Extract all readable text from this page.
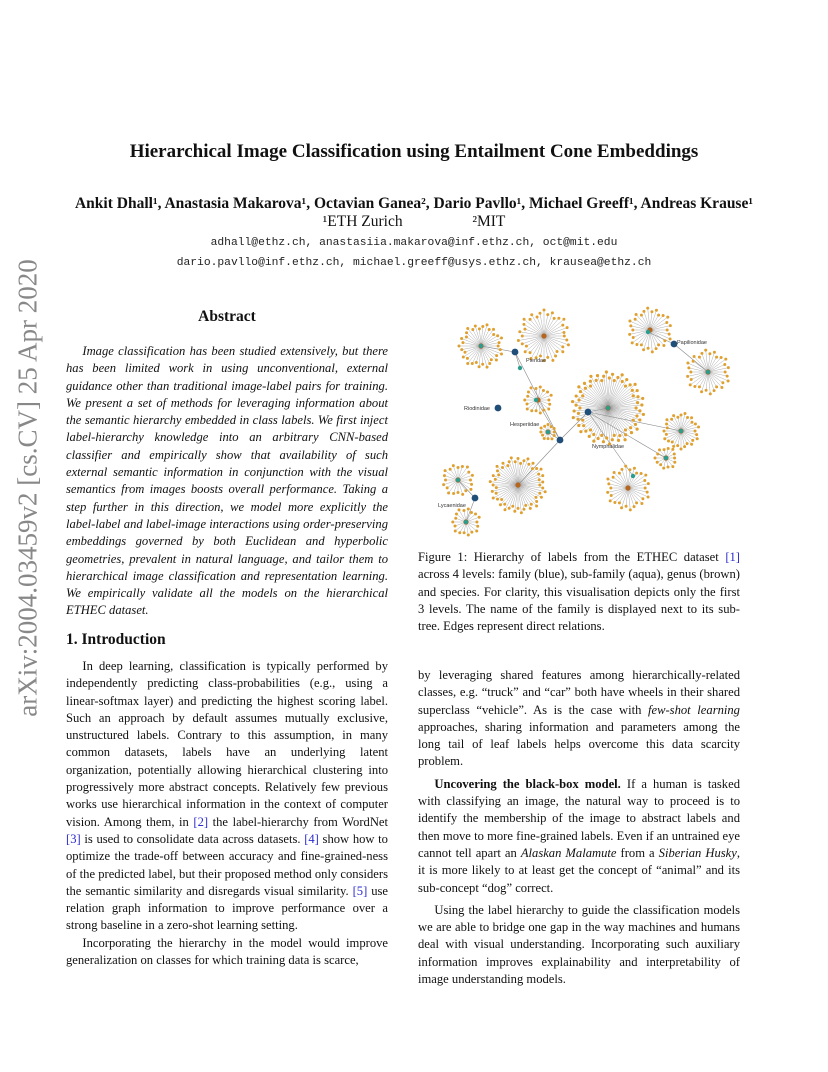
Hierarchical Image Classification using Entailment Cone Embeddings
Ankit Dhall¹, Anastasia Makarova¹, Octavian Ganea², Dario Pavllo¹, Michael Greeff¹, Andreas Krause¹
¹ETH Zurich	²MIT
adhall@ethz.ch, anastasiia.makarova@inf.ethz.ch, oct@mit.edu
dario.pavllo@inf.ethz.ch, michael.greeff@usys.ethz.ch, krausea@ethz.ch
arXiv:2004.03459v2 [cs.CV] 25 Apr 2020	Abstract

Image classification has been studied extensively, but there has been limited work in using unconventional, external guidance other than traditional image-label pairs for training. We present a set of methods for leveraging information about the semantic hierarchy embedded in class labels. We first inject label-hierarchy knowledge into an arbitrary CNN-based classifier and empirically show that availability of such external semantic information in conjunction with the visual semantics from images boosts overall performance. Taking a step further in this direction, we model more explicitly the label-label and label-image interactions using order-preserving embeddings governed by both Euclidean and hyperbolic geometries, prevalent in natural language, and tailor them to hierarchical image classification and representation learning. We empirically validate all the models on the hierarchical ETHEC dataset.

1. Introduction

In deep learning, classification is typically performed by independently predicting class-probabilities (e.g., using a linear-softmax layer) and predicting the highest scoring label. Such an approach by default assumes mutually exclusive, unstructured labels. Contrary to this assumption, in many common datasets, labels have an underlying latent organization, potentially allowing hierarchical clustering into progressively more abstract concepts. Relatively few previous works use hierarchical information in the context of computer vision. Among them, in [2] the label-hierarchy from WordNet [3] is used to consolidate data across datasets. [4] show how to optimize the trade-off between accuracy and fine-grained-ness of the predicted label, but their proposed method only considers the semantic similarity and disregards visual similarity. [5] use relation graph information to improve performance over a strong baseline in a zero-shot learning setting.

Incorporating the hierarchy in the model would improve generalization on classes for which training data is scarce,

Papilionidae
Pieridae
Riodinidae
Hesperiidae
Nymphalidae
Lycaenidae

Figure 1: Hierarchy of labels from the ETHEC dataset [1] across 4 levels: family (blue), sub-family (aqua), genus (brown) and species. For clarity, this visualisation depicts only the first 3 levels. The name of the family is displayed next to its sub-tree. Edges represent direct relations.

by leveraging shared features among hierarchically-related classes, e.g. “truck” and “car” both have wheels in their shared superclass “vehicle”. As is the case with few-shot learning approaches, sharing information and parameters among the long tail of leaf labels helps overcome this data scarcity problem.

Uncovering the black-box model. If a human is tasked with classifying an image, the natural way to proceed is to identify the membership of the image to abstract labels and then move to more fine-grained labels. Even if an untrained eye cannot tell apart an Alaskan Malamute from a Siberian Husky, it is more likely to at least get the concept of “animal” and its sub-concept “dog” correct.

Using the label hierarchy to guide the classification models we are able to bridge one gap in the way machines and humans deal with visual understanding. Incorporating such auxiliary information improves explainability and interpretability of image understanding models.
